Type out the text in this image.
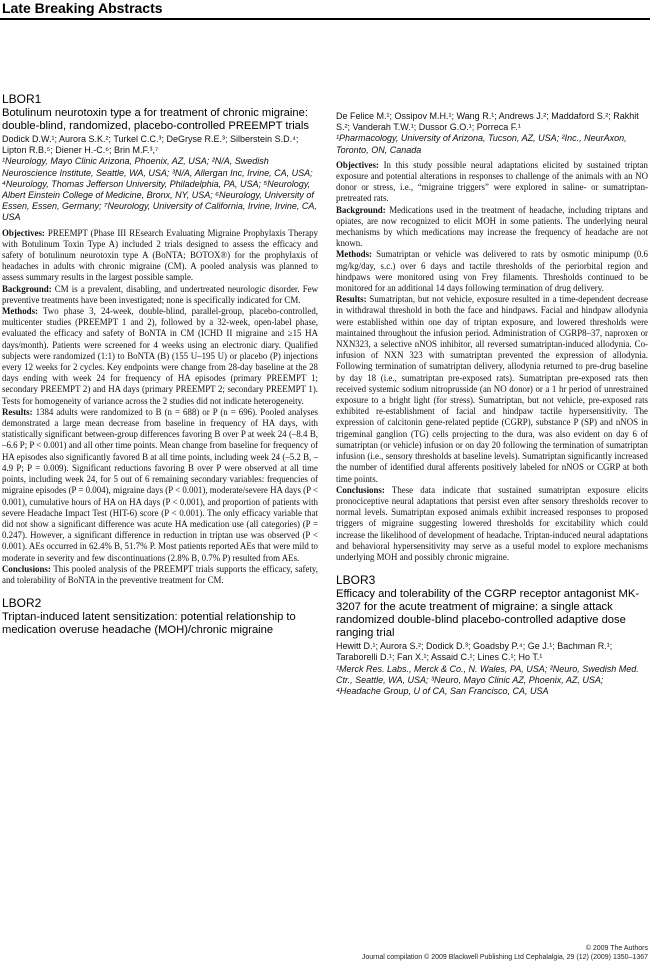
Late Breaking Abstracts

LBOR1

Botulinum neurotoxin type a for treatment of chronic migraine: double-blind, randomized, placebo-controlled PREEMPT trials

Dodick D.W.¹; Aurora S.K.²; Turkel C.C.³; DeGryse R.E.³; Silberstein S.D.⁴; Lipton R.B.⁵; Diener H.-C.⁶; Brin M.F.³,⁷

¹Neurology, Mayo Clinic Arizona, Phoenix, AZ, USA; ²N/A, Swedish Neuroscience Institute, Seattle, WA, USA; ³N/A, Allergan Inc, Irvine, CA, USA; ⁴Neurology, Thomas Jefferson University, Philadelphia, PA, USA; ⁵Neurology, Albert Einstein College of Medicine, Bronx, NY, USA; ⁶Neurology, University of Essen, Essen, Germany; ⁷Neurology, University of California, Irvine, Irvine, CA, USA

Objectives: PREEMPT (Phase III REsearch Evaluating Migraine Prophylaxis Therapy with Botulinum Toxin Type A) included 2 trials designed to assess the efficacy and safety of botulinum neurotoxin type A (BoNTA; BOTOX®) for the prophylaxis of headaches in adults with chronic migraine (CM). A pooled analysis was planned to assess summary results in the largest possible sample.

Background: CM is a prevalent, disabling, and undertreated neurologic disorder. Few preventive treatments have been investigated; none is specifically indicated for CM.

Methods: Two phase 3, 24-week, double-blind, parallel-group, placebo-controlled, multicenter studies (PREEMPT 1 and 2), followed by a 32-week, open-label phase, evaluated the efficacy and safety of BoNTA in CM (ICHD II migraine and ≥15 HA days/month). Patients were screened for 4 weeks using an electronic diary. Qualified subjects were randomized (1:1) to BoNTA (B) (155 U–195 U) or placebo (P) injections every 12 weeks for 2 cycles. Key endpoints were change from 28-day baseline at the 28 days ending with week 24 for frequency of HA episodes (primary PREEMPT 1; secondary PREEMPT 2) and HA days (primary PREEMPT 2; secondary PREEMPT 1). Tests for homogeneity of variance across the 2 studies did not indicate heterogeneity.

Results: 1384 adults were randomized to B (n = 688) or P (n = 696). Pooled analyses demonstrated a large mean decrease from baseline in frequency of HA days, with statistically significant between-group differences favoring B over P at week 24 (–8.4 B, –6.6 P; P < 0.001) and all other time points. Mean change from baseline for frequency of HA episodes also significantly favored B at all time points, including week 24 (–5.2 B, –4.9 P; P = 0.009). Significant reductions favoring B over P were observed at all time points, including week 24, for 5 out of 6 remaining secondary variables: frequencies of migraine episodes (P = 0.004), migraine days (P < 0.001), moderate/severe HA days (P < 0.001), cumulative hours of HA on HA days (P < 0.001), and proportion of patients with severe Headache Impact Test (HIT-6) score (P < 0.001). The only efficacy variable that did not show a significant difference was acute HA medication use (all categories) (P = 0.247). However, a significant difference in reduction in triptan use was observed (P < 0.001). AEs occurred in 62.4% B, 51.7% P. Most patients reported AEs that were mild to moderate in severity and few discontinuations (2.8% B, 0.7% P) resulted from AEs.

Conclusions: This pooled analysis of the PREEMPT trials supports the efficacy, safety, and tolerability of BoNTA in the preventive treatment for CM.

LBOR2

Triptan-induced latent sensitization: potential relationship to medication overuse headache (MOH)/chronic migraine

De Felice M.¹; Ossipov M.H.¹; Wang R.¹; Andrews J.²; Maddaford S.²; Rakhit S.²; Vanderah T.W.¹; Dussor G.O.¹; Porreca F.¹

¹Pharmacology, University of Arizona, Tucson, AZ, USA; ²Inc., NeurAxon, Toronto, ON, Canada

Objectives: In this study possible neural adaptations elicited by sustained triptan exposure and potential alterations in responses to challenge of the animals with an NO donor or stress, i.e., “migraine triggers” were explored in saline- or sumatriptan-pretreated rats.

Background: Medications used in the treatment of headache, including triptans and opiates, are now recognized to elicit MOH in some patients. The underlying neural mechanisms by which medications may increase the frequency of headache are not known.

Methods: Sumatriptan or vehicle was delivered to rats by osmotic minipump (0.6 mg/kg/day, s.c.) over 6 days and tactile thresholds of the periorbital region and hindpaws were monitored using von Frey filaments. Thresholds continued to be monitored for an additional 14 days following termination of drug delivery.

Results: Sumatriptan, but not vehicle, exposure resulted in a time-dependent decrease in withdrawal threshold in both the face and hindpaws. Facial and hindpaw allodynia were established within one day of triptan exposure, and lowered thresholds were maintained throughout the infusion period. Administration of CGRP8–37, naproxen or NXN323, a selective nNOS inhibitor, all reversed sumatriptan-induced allodynia. Co-infusion of NXN 323 with sumatriptan prevented the expression of allodynia. Following termination of sumatriptan delivery, allodynia returned to pre-drug baseline by day 18 (i.e., sumatriptan pre-exposed rats). Sumatriptan pre-exposed rats then received systemic sodium nitroprusside (an NO donor) or a 1 hr period of unrestrained exposure to a bright light (for stress). Sumatriptan, but not vehicle, pre-exposed rats exhibited re-establishment of facial and hindpaw tactile hypersensitivity. The expression of calcitonin gene-related peptide (CGRP), substance P (SP) and nNOS in trigeminal ganglion (TG) cells projecting to the dura, was also evident on day 6 of sumatriptan (or vehicle) infusion or on day 20 following the termination of sumatriptan infusion (i.e., sensory thresholds at baseline levels). Sumatriptan significantly increased the number of identified dural afferents positively labeled for nNOS or CGRP at both time points.

Conclusions: These data indicate that sustained sumatriptan exposure elicits pronociceptive neural adaptations that persist even after sensory thresholds recover to normal levels. Sumatriptan exposed animals exhibit increased responses to proposed triggers of migraine suggesting lowered thresholds for excitability which could increase the likelihood of development of headache. Triptan-induced neural adaptations and behavioral hypersensitivity may serve as a useful model to explore mechanisms underlying MOH and possibly chronic migraine.

LBOR3

Efficacy and tolerability of the CGRP receptor antagonist MK-3207 for the acute treatment of migraine: a single attack randomized double-blind placebo-controlled adaptive dose ranging trial

Hewitt D.¹; Aurora S.²; Dodick D.³; Goadsby P.⁴; Ge J.¹; Bachman R.¹; Taraborelli D.¹; Fan X.¹; Assaid C.¹; Lines C.¹; Ho T.¹

¹Merck Res. Labs., Merck & Co., N. Wales, PA, USA; ²Neuro, Swedish Med. Ctr., Seattle, WA, USA; ³Neuro, Mayo Clinic AZ, Phoenix, AZ, USA; ⁴Headache Group, U of CA, San Francisco, CA, USA

© 2009 The Authors
Journal compilation © 2009 Blackwell Publishing Ltd Cephalalgia, 29 (12) (2009) 1350–1367
